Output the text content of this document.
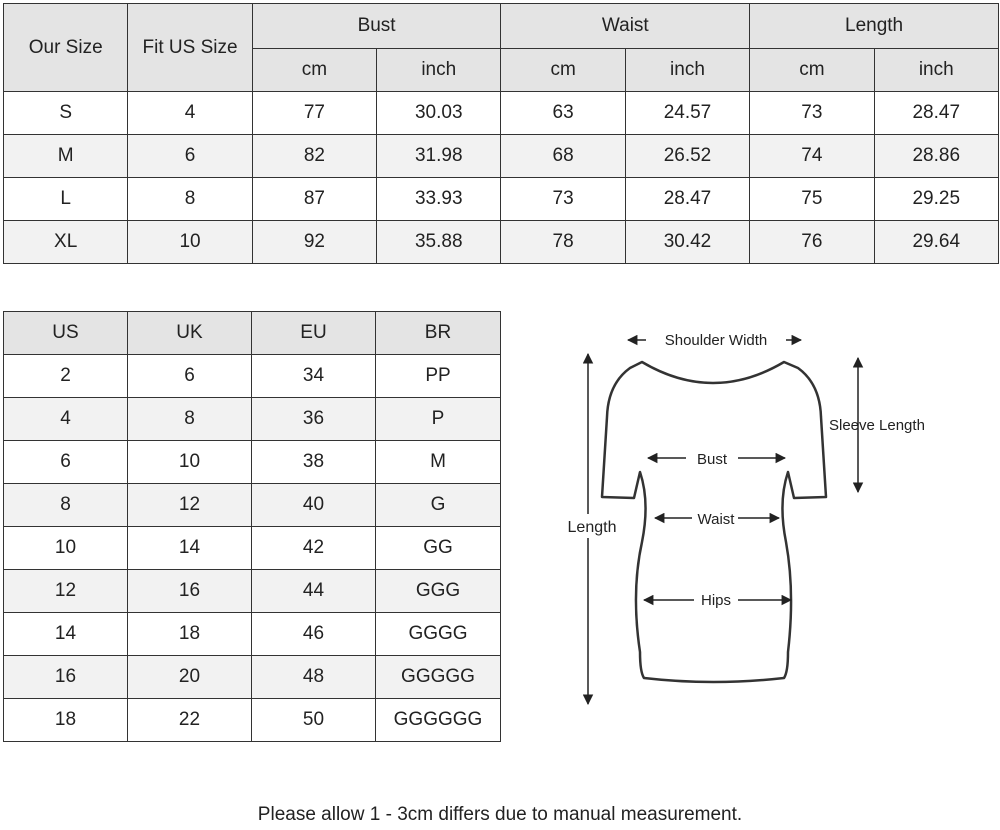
Our Size	Fit US Size	Bust		Waist		Length	
		cm	inch	cm	inch	cm	inch
S	4	77	30.03	63	24.57	73	28.47
M	6	82	31.98	68	26.52	74	28.86
L	8	87	33.93	73	28.47	75	29.25
XL	10	92	35.88	78	30.42	76	29.64
US	UK	EU	BR
2	6	34	PP
4	8	36	P
6	10	38	M
8	12	40	G
10	14	42	GG
12	16	44	GGG
14	18	46	GGGG
16	20	48	GGGGG
18	22	50	GGGGGG
Shoulder Width
Sleeve Length
Bust
Waist
Hips
Length
Please allow 1 - 3cm differs due to manual measurement.
